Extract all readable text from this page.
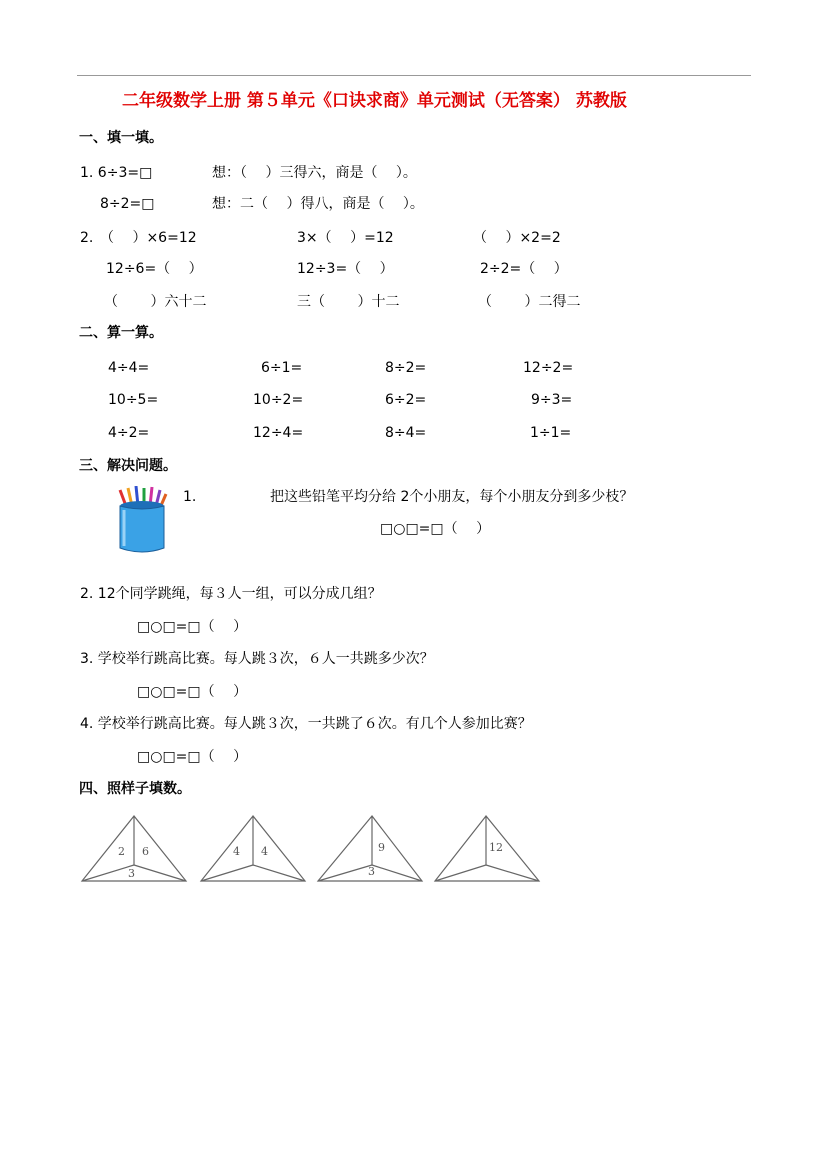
二年级数学上册 第５单元《口诀求商》单元测试（无答案） 苏教版
一、填一填。
1. 6÷3=□	想：（　 ）三得六，商是（　 ）。
8÷2=□	想：二（　 ）得八，商是（　 ）。
2. （　 ）×6=12	3×（　 ）=12	（　 ）×2=2
12÷6=（　 ）	12÷3=（　 ）	2÷2=（　 ）
（　　 ）六十二	三（　　 ）十二	（　　 ）二得二
二、算一算。
4÷4=	6÷1=	8÷2=	12÷2=
10÷5=	10÷2=	6÷2=	9÷3=
4÷2=	12÷4=	8÷4=	1÷1=
三、解决问题。
1.	把这些铅笔平均分给 2个小朋友，每个小朋友分到多少枝？
□○□=□（　 ）
2. 12个同学跳绳，每３人一组，可以分成几组？
□○□=□（　 ）
3. 学校举行跳高比赛。每人跳３次，６人一共跳多少次？
□○□=□（　 ）
4. 学校举行跳高比赛。每人跳３次，一共跳了６次。有几个人参加比赛？
□○□=□（　 ）
四、照样子填数。
2 6
3
4 4	9
3
12
